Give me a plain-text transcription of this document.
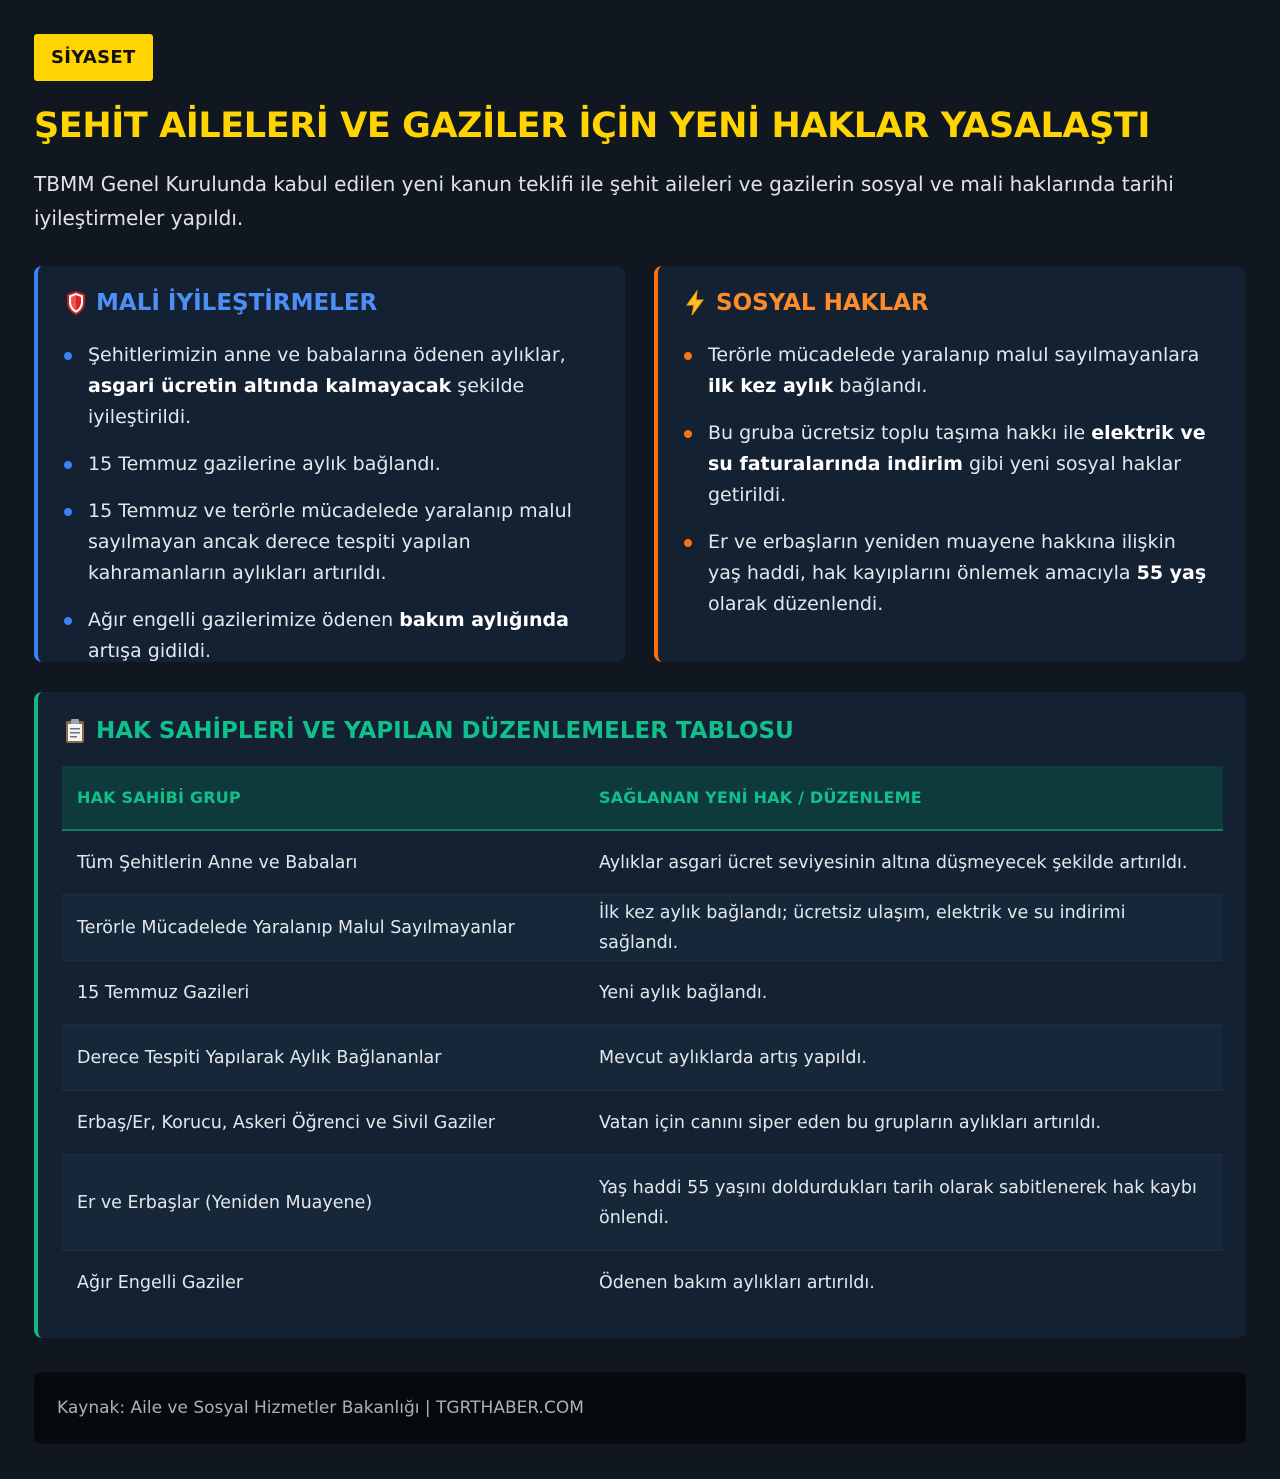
SİYASET
ŞEHİT AİLELERİ VE GAZİLER İÇİN YENİ HAKLAR YASALAŞTI

TBMM Genel Kurulunda kabul edilen yeni kanun teklifi ile şehit aileleri ve gazilerin sosyal ve mali haklarında tarihi iyileştirmeler yapıldı.

MALİ İYİLEŞTİRMELER
Şehitlerimizin anne ve babalarına ödenen aylıklar, asgari ücretin altında kalmayacak şekilde iyileştirildi.
15 Temmuz gazilerine aylık bağlandı.
15 Temmuz ve terörle mücadelede yaralanıp malul sayılmayan ancak derece tespiti yapılan kahramanların aylıkları artırıldı.
Ağır engelli gazilerimize ödenen bakım aylığında artışa gidildi.
SOSYAL HAKLAR
Terörle mücadelede yaralanıp malul sayılmayanlara ilk kez aylık bağlandı.
Bu gruba ücretsiz toplu taşıma hakkı ile elektrik ve su faturalarında indirim gibi yeni sosyal haklar getirildi.
Er ve erbaşların yeniden muayene hakkına ilişkin yaş haddi, hak kayıplarını önlemek amacıyla 55 yaş olarak düzenlendi.
HAK SAHİPLERİ VE YAPILAN DÜZENLEMELER TABLOSU
HAK SAHİBİ GRUP	SAĞLANAN YENİ HAK / DÜZENLEME
Tüm Şehitlerin Anne ve Babaları	Aylıklar asgari ücret seviyesinin altına düşmeyecek şekilde artırıldı.
Terörle Mücadelede Yaralanıp Malul Sayılmayanlar	İlk kez aylık bağlandı; ücretsiz ulaşım, elektrik ve su indirimi sağlandı.
15 Temmuz Gazileri	Yeni aylık bağlandı.
Derece Tespiti Yapılarak Aylık Bağlananlar	Mevcut aylıklarda artış yapıldı.
Erbaş/Er, Korucu, Askeri Öğrenci ve Sivil Gaziler	Vatan için canını siper eden bu grupların aylıkları artırıldı.
Er ve Erbaşlar (Yeniden Muayene)	Yaş haddi 55 yaşını doldurdukları tarih olarak sabitlenerek hak kaybı önlendi.
Ağır Engelli Gaziler	Ödenen bakım aylıkları artırıldı.
Kaynak: Aile ve Sosyal Hizmetler Bakanlığı | TGRTHABER.COM
